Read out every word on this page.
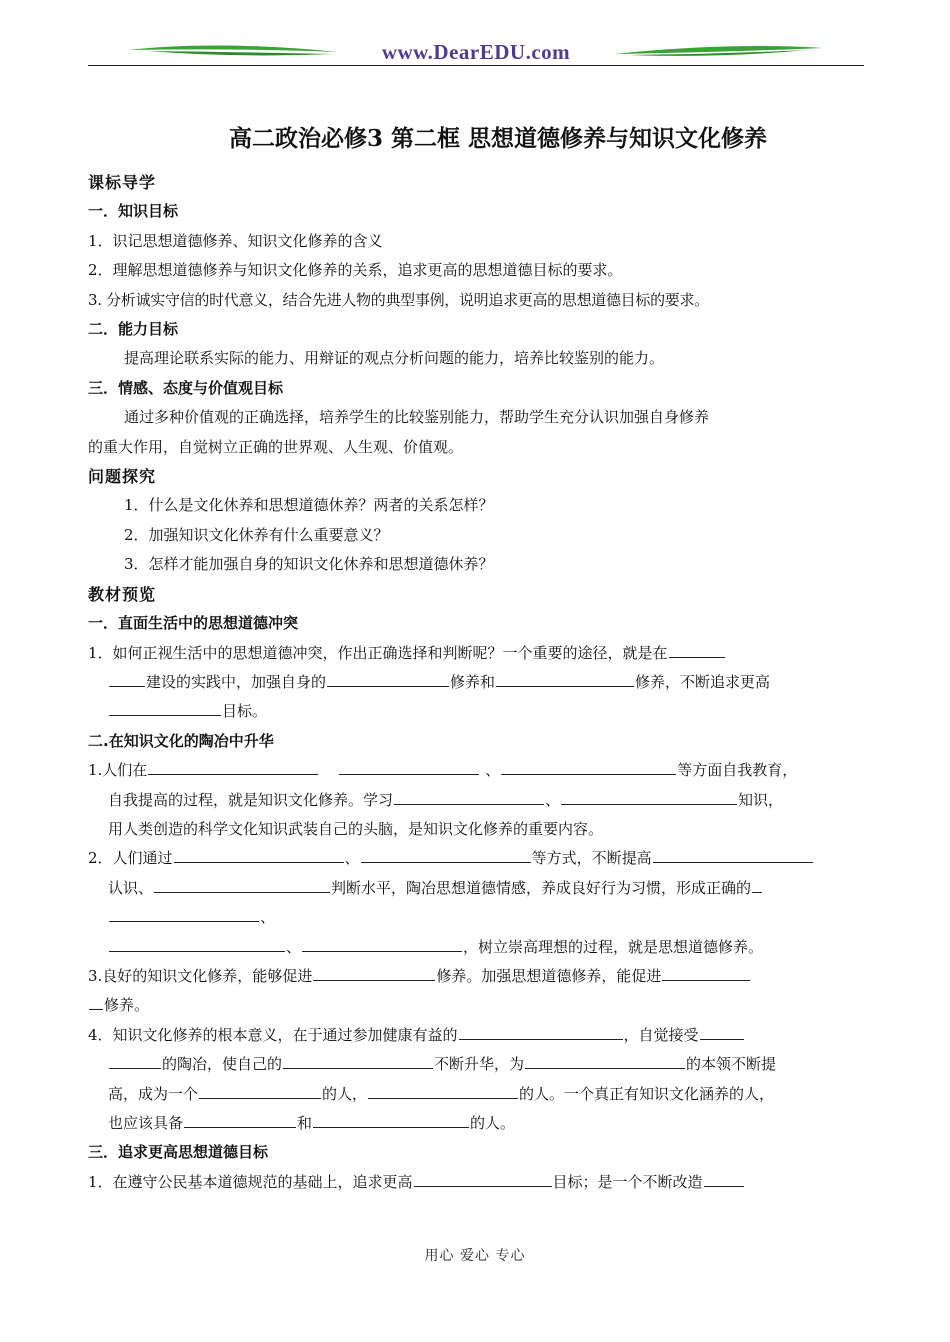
www.DearEDU.com
高二政治必修3 第二框 思想道德修养与知识文化修养

课标导学

一．知识目标

1．识记思想道德修养、知识文化修养的含义

2．理解思想道德修养与知识文化修养的关系，追求更高的思想道德目标的要求。

3. 分析诚实守信的时代意义，结合先进人物的典型事例，说明追求更高的思想道德目标的要求。

二．能力目标

提高理论联系实际的能力、用辩证的观点分析问题的能力，培养比较鉴别的能力。

三．情感、态度与价值观目标

通过多种价值观的正确选择，培养学生的比较鉴别能力，帮助学生充分认识加强自身修养

的重大作用，自觉树立正确的世界观、人生观、价值观。

问题探究

1．什么是文化休养和思想道德休养？两者的关系怎样？

2．加强知识文化休养有什么重要意义？

3．怎样才能加强自身的知识文化休养和思想道德休养？

教材预览

一．直面生活中的思想道德冲突

1．如何正视生活中的思想道德冲突，作出正确选择和判断呢？一个重要的途径，就是在

建设的实践中，加强自身的	修养和	修养，不断追求更高

目标。

二.在知识文化的陶冶中升华

1.人们在	、	等方面自我教育，

自我提高的过程，就是知识文化修养。学习	、	知识，

用人类创造的科学文化知识武装自己的头脑，是知识文化修养的重要内容。

2．人们通过	、	等方式，不断提高

认识、	判断水平，陶冶思想道德情感，养成良好行为习惯，形成正确的

、

、	，树立崇高理想的过程，就是思想道德修养。

3.良好的知识文化修养，能够促进	修养。加强思想道德修养，能促进

修养。

4．知识文化修养的根本意义，在于通过参加健康有益的	，自觉接受

的陶冶，使自己的	不断升华，为	的本领不断提

高，成为一个	的人，	的人。一个真正有知识文化涵养的人，

也应该具备	和	的人。

三．追求更高思想道德目标

1．在遵守公民基本道德规范的基础上，追求更高	目标；是一个不断改造

用心 爱心 专心
